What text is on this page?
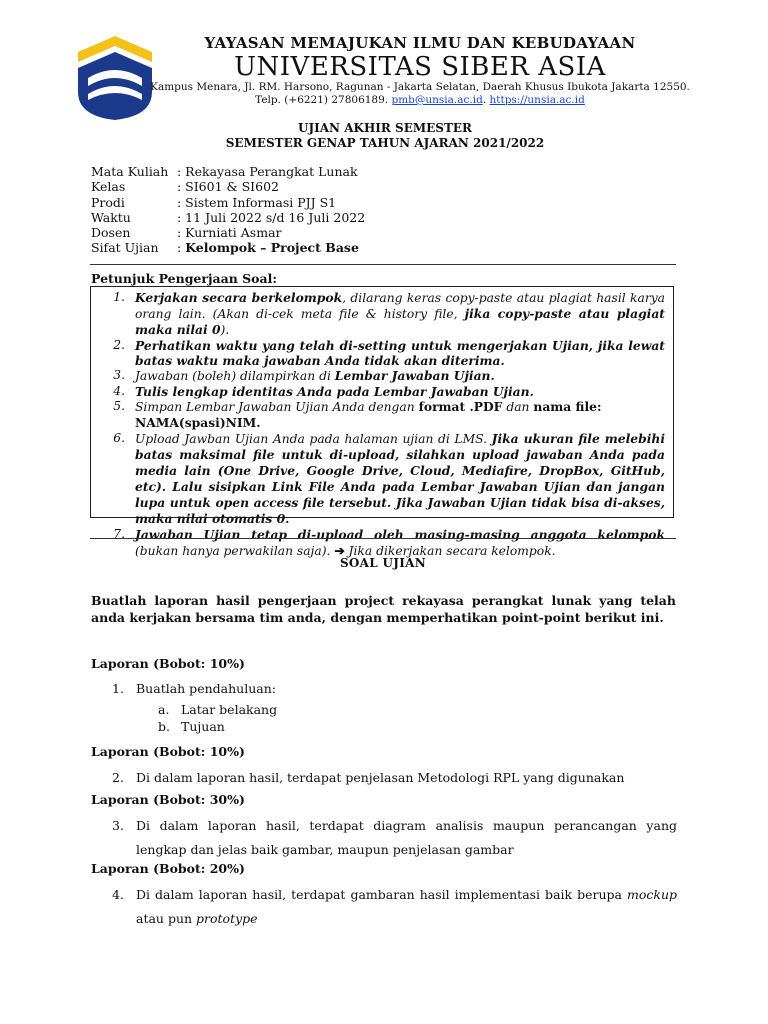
YAYASAN MEMAJUKAN ILMU DAN KEBUDAYAAN
UNIVERSITAS SIBER ASIA
Kampus Menara, Jl. RM. Harsono, Ragunan - Jakarta Selatan, Daerah Khusus Ibukota Jakarta 12550.
Telp. (+6221) 27806189. pmb@unsia.ac.id. https://unsia.ac.id
UJIAN AKHIR SEMESTER
SEMESTER GENAP TAHUN AJARAN 2021/2022
Mata Kuliah : Rekayasa Perangkat Lunak
Kelas	: SI601 & SI602
Prodi	: Sistem Informasi PJJ S1
Waktu	: 11 Juli 2022 s/d 16 Juli 2022
Dosen	: Kurniati Asmar
Sifat Ujian	: Kelompok – Project Base
Petunjuk Pengerjaan Soal:
1. Kerjakan secara berkelompok, dilarang keras copy-paste atau plagiat hasil karya orang lain. (Akan di-cek meta file & history file, jika copy-paste atau plagiat maka nilai 0).
2. Perhatikan waktu yang telah di-setting untuk mengerjakan Ujian, jika lewat batas waktu maka jawaban Anda tidak akan diterima.
3. Jawaban (boleh) dilampirkan di Lembar Jawaban Ujian.
4. Tulis lengkap identitas Anda pada Lembar Jawaban Ujian.
5. Simpan Lembar Jawaban Ujian Anda dengan format .PDF dan nama file:
NAMA(spasi)NIM.
6. Upload Jawban Ujian Anda pada halaman ujian di LMS. Jika ukuran file melebihi batas maksimal file untuk di-upload, silahkan upload jawaban Anda pada media lain (One Drive, Google Drive, Cloud, Mediafire, DropBox, GitHub, etc). Lalu sisipkan Link File Anda pada Lembar Jawaban Ujian dan jangan lupa untuk open access file tersebut. Jika Jawaban Ujian tidak bisa di-akses, maka nilai otomatis 0.
7. Jawaban Ujian tetap di-upload oleh masing-masing anggota kelompok (bukan hanya perwakilan saja). ➔ Jika dikerjakan secara kelompok.
SOAL UJIAN
Buatlah laporan hasil pengerjaan project rekayasa perangkat lunak yang telah anda kerjakan bersama tim anda, dengan memperhatikan point-point berikut ini.
Laporan (Bobot: 10%)
1. Buatlah pendahuluan:
a. Latar belakang
b. Tujuan
Laporan (Bobot: 10%)
2. Di dalam laporan hasil, terdapat penjelasan Metodologi RPL yang digunakan
Laporan (Bobot: 30%)
3. Di dalam laporan hasil, terdapat diagram analisis maupun perancangan yang lengkap dan jelas baik gambar, maupun penjelasan gambar
Laporan (Bobot: 20%)
4. Di dalam laporan hasil, terdapat gambaran hasil implementasi baik berupa mockup atau pun prototype
